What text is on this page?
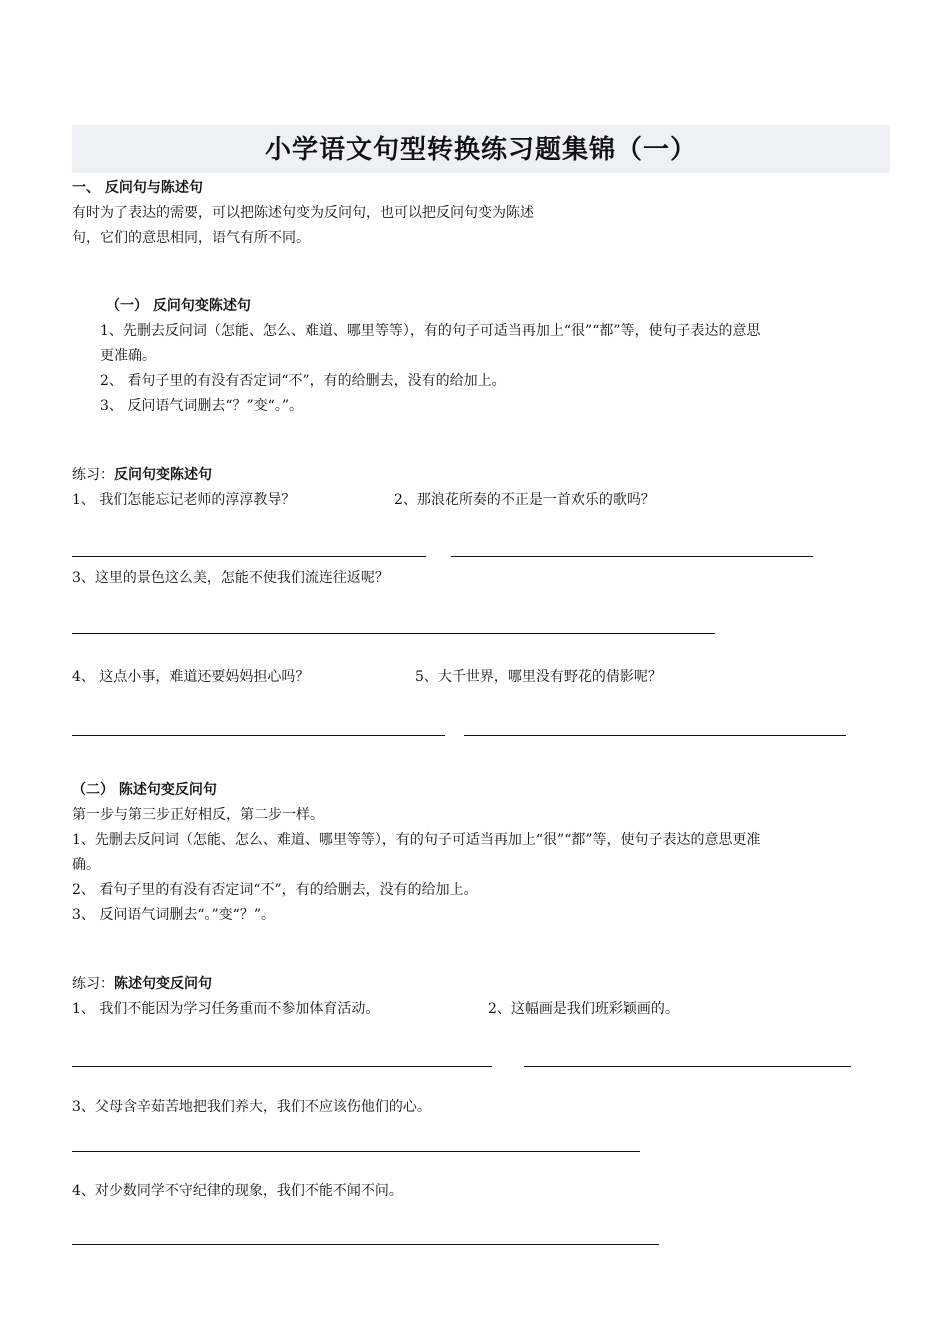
小学语文句型转换练习题集锦（一）
一、 反问句与陈述句
有时为了表达的需要，可以把陈述句变为反问句，也可以把反问句变为陈述
句，它们的意思相同，语气有所不同。
（一） 反问句变陈述句
1、先删去反问词（怎能、怎么、难道、哪里等等），有的句子可适当再加上“很”“都”等，使句子表达的意思
更准确。
2、 看句子里的有没有否定词“不”，有的给删去，没有的给加上。
3、 反问语气词删去“？”变“。”。
练习：反问句变陈述句
1、 我们怎能忘记老师的淳淳教导？	2、那浪花所奏的不正是一首欢乐的歌吗？
3、这里的景色这么美，怎能不使我们流连往返呢？
4、 这点小事，难道还要妈妈担心吗？	5、大千世界，哪里没有野花的倩影呢？
（二） 陈述句变反问句
第一步与第三步正好相反，第二步一样。
1、先删去反问词（怎能、怎么、难道、哪里等等），有的句子可适当再加上“很”“都”等，使句子表达的意思更准
确。
2、 看句子里的有没有否定词“不”，有的给删去，没有的给加上。
3、 反问语气词删去“。”变“？”。
练习：陈述句变反问句
1、 我们不能因为学习任务重而不参加体育活动。	2、这幅画是我们班彩颖画的。
3、父母含辛茹苦地把我们养大，我们不应该伤他们的心。
4、对少数同学不守纪律的现象，我们不能不闻不问。
